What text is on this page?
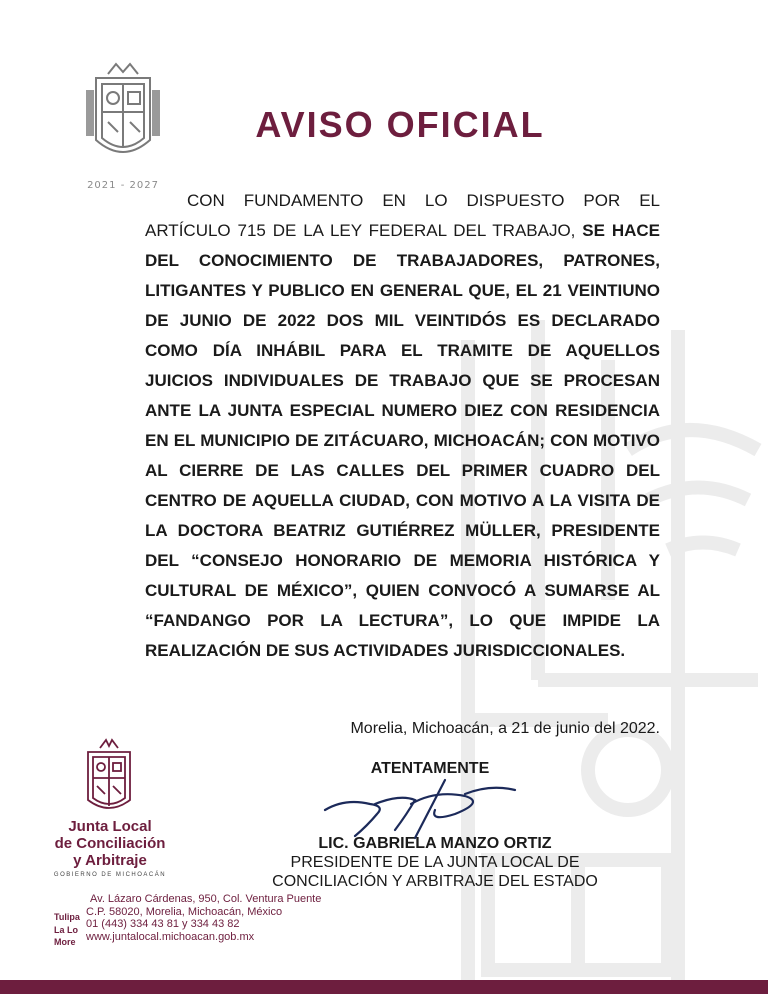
2021 - 2027
AVISO OFICIAL
CON FUNDAMENTO EN LO DISPUESTO POR EL ARTÍCULO 715 DE LA LEY FEDERAL DEL TRABAJO, SE HACE DEL CONOCIMIENTO DE TRABAJADORES, PATRONES, LITIGANTES Y PUBLICO EN GENERAL QUE, EL 21 VEINTIUNO DE JUNIO DE 2022 DOS MIL VEINTIDÓS ES DECLARADO COMO DÍA INHÁBIL PARA EL TRAMITE DE AQUELLOS JUICIOS INDIVIDUALES DE TRABAJO QUE SE PROCESAN ANTE LA JUNTA ESPECIAL NUMERO DIEZ CON RESIDENCIA EN EL MUNICIPIO DE ZITÁCUARO, MICHOACÁN; CON MOTIVO AL CIERRE DE LAS CALLES DEL PRIMER CUADRO DEL CENTRO DE AQUELLA CIUDAD, CON MOTIVO A LA VISITA DE LA DOCTORA BEATRIZ GUTIÉRREZ MÜLLER, PRESIDENTE DEL “CONSEJO HONORARIO DE MEMORIA HISTÓRICA Y CULTURAL DE MÉXICO”, QUIEN CONVOCÓ A SUMARSE AL “FANDANGO POR LA LECTURA”, LO QUE IMPIDE LA REALIZACIÓN DE SUS ACTIVIDADES JURISDICCIONALES.
Morelia, Michoacán, a 21 de junio del 2022.
ATENTAMENTE
LIC. GABRIELA MANZO ORTIZ
PRESIDENTE DE LA JUNTA LOCAL DE
CONCILIACIÓN Y ARBITRAJE DEL ESTADO
Junta Local
de Conciliación
y Arbitraje
GOBIERNO DE MICHOACÁN
Tulipa
La Lo
More
Av. Lázaro Cárdenas, 950, Col. Ventura Puente
C.P. 58020, Morelia, Michoacán, México
01 (443) 334 43 81 y 334 43 82
www.juntalocal.michoacan.gob.mx
